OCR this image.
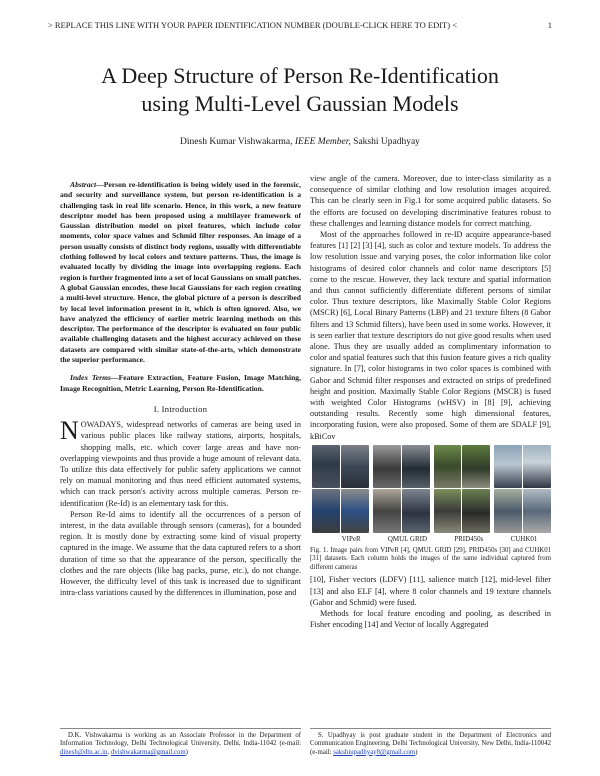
> REPLACE THIS LINE WITH YOUR PAPER IDENTIFICATION NUMBER (DOUBLE-CLICK HERE TO EDIT) <	1
A Deep Structure of Person Re-Identification
using Multi-Level Gaussian Models
Dinesh Kumar Vishwakarma, IEEE Member, Sakshi Upadhyay

Abstract—Person re-identification is being widely used in the forensic, and security and surveillance system, but person re-identification is a challenging task in real life scenario. Hence, in this work, a new feature descriptor model has been proposed using a multilayer framework of Gaussian distribution model on pixel features, which include color moments, color space values and Schmid filter responses. An image of a person usually consists of distinct body regions, usually with differentiable clothing followed by local colors and texture patterns. Thus, the image is evaluated locally by dividing the image into overlapping regions. Each region is further fragmented into a set of local Gaussians on small patches. A global Gaussian encodes, these local Gaussians for each region creating a multi-level structure. Hence, the global picture of a person is described by local level information present in it, which is often ignored. Also, we have analyzed the efficiency of earlier metric learning methods on this descriptor. The performance of the descriptor is evaluated on four public available challenging datasets and the highest accuracy achieved on these datasets are compared with similar state-of-the-arts, which demonstrate the superior performance.

Index Terms—Feature Extraction, Feature Fusion, Image Matching, Image Recognition, Metric Learning, Person Re-Identification.

I. Introduction

NOWADAYS, widespread networks of cameras are being used in various public places like railway stations, airports, hospitals, shopping malls, etc. which cover large areas and have non-overlapping viewpoints and thus provide a huge amount of relevant data. To utilize this data effectively for public safety applications we cannot rely on manual monitoring and thus need efficient automated systems, which can track person's activity across multiple cameras. Person re-identification (Re-Id) is an elementary task for this.

Person Re-Id aims to identify all the occurrences of a person of interest, in the data available through sensors (cameras), for a bounded region. It is mostly done by extracting some kind of visual property captured in the image. We assume that the data captured refers to a short duration of time so that the appearance of the person, specifically the clothes and the rare objects (like bag packs, purse, etc.), do not change. However, the difficulty level of this task is increased due to significant intra-class variations caused by the differences in illumination, pose and

view angle of the camera. Moreover, due to inter-class similarity as a consequence of similar clothing and low resolution images acquired. This can be clearly seen in Fig.1 for some acquired public datasets. So the efforts are focused on developing discriminative features robust to these challenges and learning distance models for correct matching.

Most of the approaches followed in re-ID acquire appearance-based features [1] [2] [3] [4], such as color and texture models. To address the low resolution issue and varying poses, the color information like color histograms of desired color channels and color name descriptors [5] come to the rescue. However, they lack texture and spatial information and thus cannot sufficiently differentiate different persons of similar color. Thus texture descriptors, like Maximally Stable Color Regions (MSCR) [6], Local Binary Patterns (LBP) and 21 texture filters (8 Gabor filters and 13 Schmid filters), have been used in some works. However, it is seen earlier that texture descriptors do not give good results when used alone. Thus they are usually added as complimentary information to color and spatial features such that this fusion feature gives a rich quality signature. In [7], color histograms in two color spaces is combined with Gabor and Schmid filter responses and extracted on strips of predefined height and position. Maximally Stable Color Regions (MSCR) is fused with weighted Color Histograms (wHSV) in [8] [9], achieving outstanding results. Recently some high dimensional features, incorporating fusion, were also proposed. Some of them are SDALF [9], kBiCov

VIPeR	QMUL GRID	PRID450s	CUHK01
Fig. 1. Image pairs from VIPeR [4], QMUL GRID [29], PRID450s [30] and CUHK01 [31] datasets. Each column holds the images of the same individual captured from different cameras

[10], Fisher vectors (LDFV) [11], salience match [12], mid-level filter [13] and also ELF [4], where 8 color channels and 19 texture channels (Gabor and Schmid) were fused.

Methods for local feature encoding and pooling, as described in Fisher encoding [14] and Vector of locally Aggregated

D.K. Vishwakarma is working as an Associate Professor in the Department of Information Technology, Delhi Technological University, Delhi, India-11042 (e-mail: dinesh@dtu.ac.in, dvishwakarma@gmail.com)

S. Upadhyay is post graduate student in the Department of Electronics and Communication Engineering, Delhi Technological University, New Delhi, India-110042 (e-mail: sakshiupadhyay8@gmail.com)
